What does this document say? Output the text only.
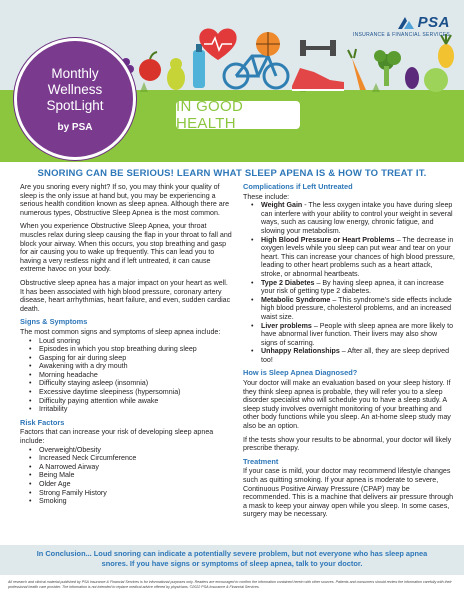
PSA
INSURANCE & FINANCIAL SERVICES
Monthly
Wellness
SpotLight
by PSA
IN GOOD HEALTH
SNORING CAN BE SERIOUS! LEARN WHAT SLEEP APENA IS & HOW TO TREAT IT.

Are you snoring every night? If so, you may think your quality of sleep is the only issue at hand but, you may be experiencing a serious health condition known as sleep apnea. Although there are numerous types, Obstructive Sleep Apnea is the most common.

When you experience Obstructive Sleep Apnea, your throat muscles relax during sleep causing the flap in your throat to fall and block your airway. When this occurs, you stop breathing and gasp for air causing you to wake up frequently. This can lead you to having a very restless night and if left untreated, it can cause extreme havoc on your body.

Obstructive sleep apnea has a major impact on your heart as well. It has been associated with high blood pressure, coronary artery disease, heart arrhythmias, heart failure, and even, sudden cardiac death.

Signs & Symptoms
The most common signs and symptoms of sleep apnea include:
• Loud snoring
• Episodes in which you stop breathing during sleep
• Gasping for air during sleep
• Awakening with a dry mouth
• Morning headache
• Difficulty staying asleep (insomnia)
• Excessive daytime sleepiness (hypersomnia)
• Difficulty paying attention while awake
• Irritability
Risk Factors
Factors that can increase your risk of developing sleep apnea include:
• Overweight/Obesity
• Increased Neck Circumference
• A Narrowed Airway
• Being Male
• Older Age
• Strong Family History
• Smoking
Complications if Left Untreated
These include:
• Weight Gain - The less oxygen intake you have during sleep can interfere with your ability to control your weight in several ways, such as causing low energy, chronic fatigue, and slowing your metabolism.
• High Blood Pressure or Heart Problems – The decrease in oxygen levels while you sleep can put wear and tear on your heart. This can increase your chances of high blood pressure, leading to other heart problems such as a heart attack, stroke, or abnormal heartbeats.
• Type 2 Diabetes – By having sleep apnea, it can increase your risk of getting type 2 diabetes.
• Metabolic Syndrome – This syndrome’s side effects include high blood pressure, cholesterol problems, and an increased waist size.
• Liver problems – People with sleep apnea are more likely to have abnormal liver function. Their livers may also show signs of scarring.
• Unhappy Relationships – After all, they are sleep deprived too!
How is Sleep Apnea Diagnosed?

Your doctor will make an evaluation based on your sleep history. If they think sleep apnea is probable, they will refer you to a sleep disorder specialist who will schedule you to have a sleep study. A sleep study involves overnight monitoring of your breathing and other body functions while you sleep. An at-home sleep study may also be an option.

If the tests show your results to be abnormal, your doctor will likely prescribe therapy.

Treatment

If your case is mild, your doctor may recommend lifestyle changes such as quitting smoking. If your apnea is moderate to severe, Continuous Positive Airway Pressure (CPAP) may be recommended. This is a machine that delivers air pressure through a mask to keep your airway open while you sleep. In some cases, surgery may be necessary.

In Conclusion... Loud snoring can indicate a potentially severe problem, but not everyone who has sleep apnea snores. If you have signs or symptoms of sleep apnea, talk to your doctor.
All research and clinical material published by PSA Insurance & Financial Services is for informational purposes only. Readers are encouraged to confirm the information contained herein with other sources. Patients and consumers should review the information carefully with their professional health care provider. The information is not intended to replace medical advice offered by physicians. ©2022 PSA Insurance & Financial Services.
